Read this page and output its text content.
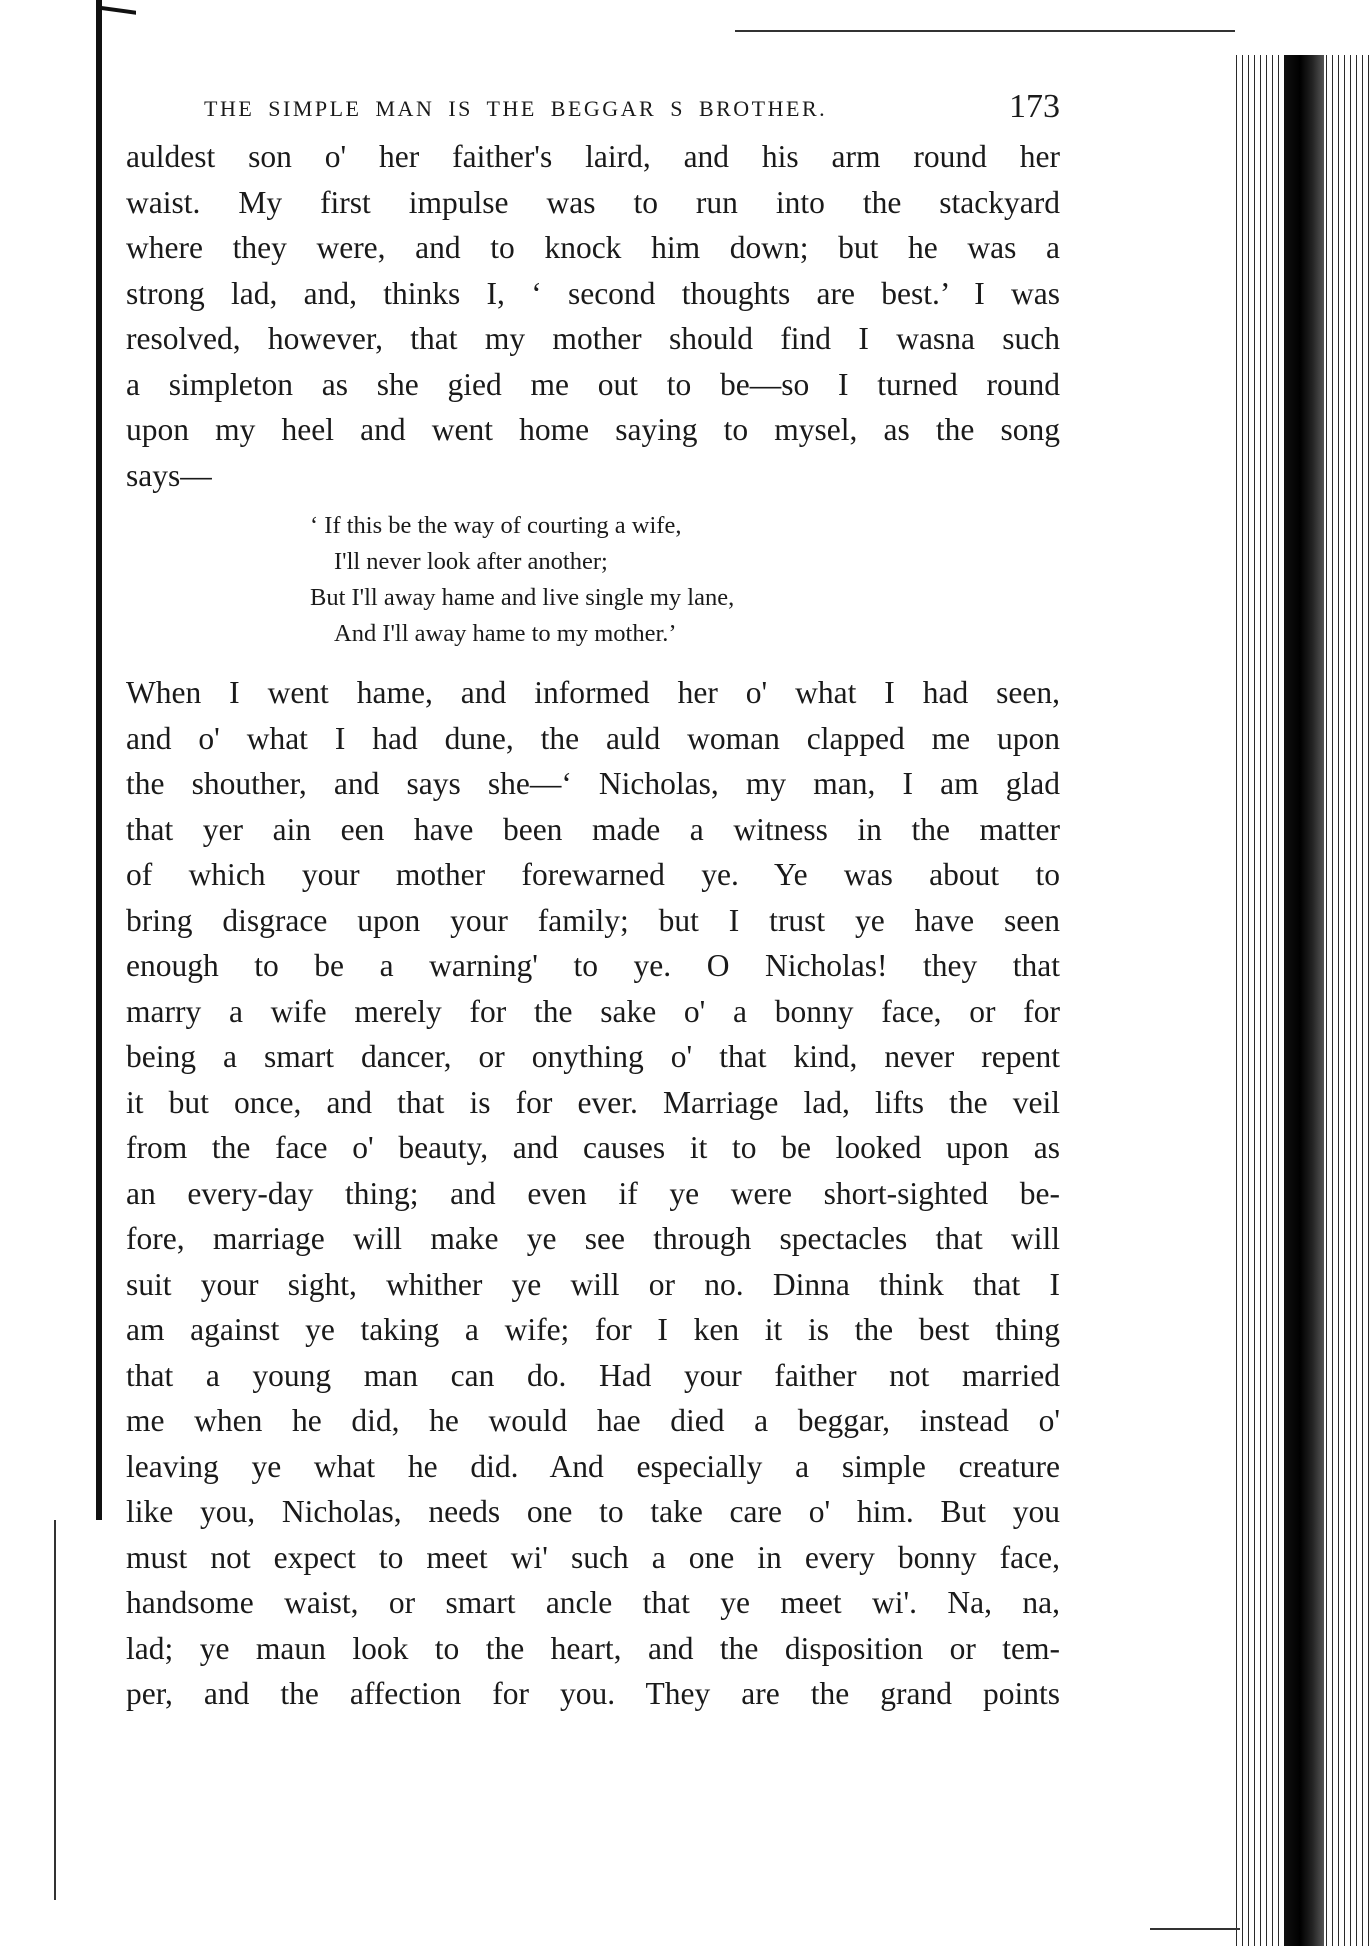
THE SIMPLE MAN IS THE BEGGAR S BROTHER.	173

auldest son o' her faither's laird, and his arm round her
waist. My first impulse was to run into the stackyard
where they were, and to knock him down; but he was a
strong lad, and, thinks I, ‘ second thoughts are best.’ I was
resolved, however, that my mother should find I wasna such
a simpleton as she gied me out to be—so I turned round
upon my heel and went home saying to mysel, as the song
says—

‘ If this be the way of courting a wife,
I'll never look after another;
But I'll away hame and live single my lane,
And I'll away hame to my mother.’

When I went hame, and informed her o' what I had seen,
and o' what I had dune, the auld woman clapped me upon
the shouther, and says she—‘ Nicholas, my man, I am glad
that yer ain een have been made a witness in the matter
of which your mother forewarned ye. Ye was about to
bring disgrace upon your family; but I trust ye have seen
enough to be a warning' to ye. O Nicholas! they that
marry a wife merely for the sake o' a bonny face, or for
being a smart dancer, or onything o' that kind, never repent
it but once, and that is for ever. Marriage lad, lifts the veil
from the face o' beauty, and causes it to be looked upon as
an every-day thing; and even if ye were short-sighted be-
fore, marriage will make ye see through spectacles that will
suit your sight, whither ye will or no. Dinna think that I
am against ye taking a wife; for I ken it is the best thing
that a young man can do. Had your faither not married
me when he did, he would hae died a beggar, instead o'
leaving ye what he did. And especially a simple creature
like you, Nicholas, needs one to take care o' him. But you
must not expect to meet wi' such a one in every bonny face,
handsome waist, or smart ancle that ye meet wi'. Na, na,
lad; ye maun look to the heart, and the disposition or tem-
per, and the affection for you. They are the grand points
